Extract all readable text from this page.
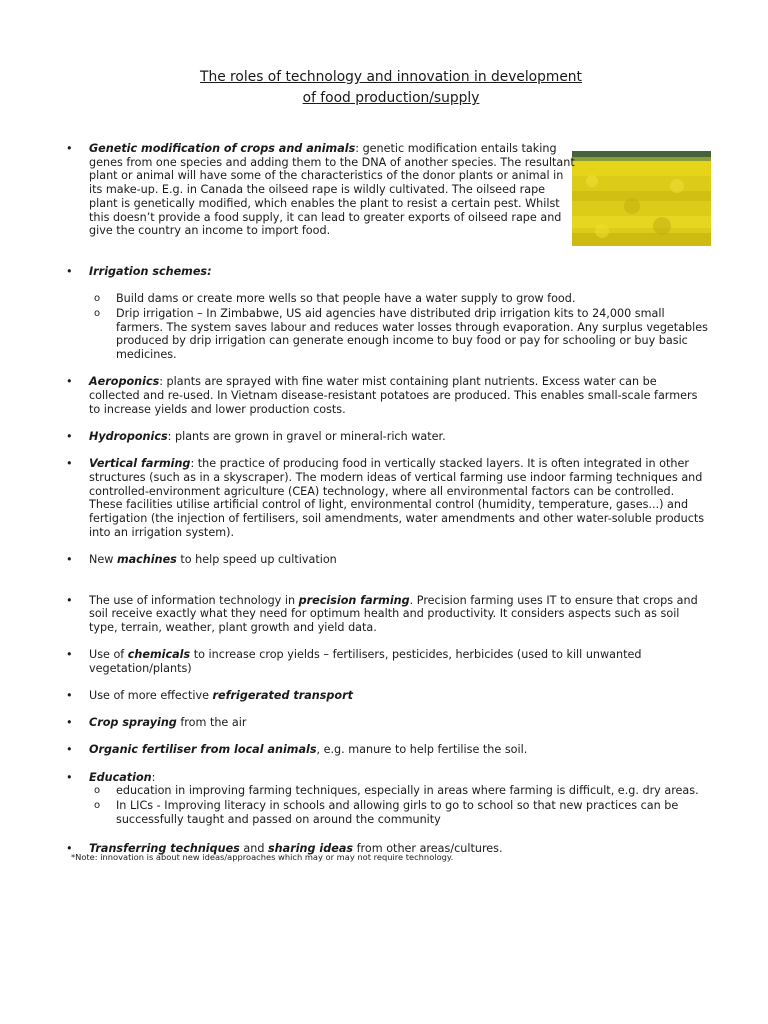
The roles of technology and innovation in development
of food production/supply
• Genetic modification of crops and animals: genetic modification entails taking genes from one species and adding them to the DNA of another species. The resultant plant or animal will have some of the characteristics of the donor plants or animal in its make-up. E.g. in Canada the oilseed rape is wildly cultivated. The oilseed rape plant is genetically modified, which enables the plant to resist a certain pest. Whilst this doesn’t provide a food supply, it can lead to greater exports of oilseed rape and give the country an income to import food.
• Irrigation schemes:
o Build dams or create more wells so that people have a water supply to grow food.
o Drip irrigation – In Zimbabwe, US aid agencies have distributed drip irrigation kits to 24,000 small farmers. The system saves labour and reduces water losses through evaporation. Any surplus vegetables produced by drip irrigation can generate enough income to buy food or pay for schooling or buy basic medicines.
• Aeroponics: plants are sprayed with fine water mist containing plant nutrients. Excess water can be collected and re-used. In Vietnam disease-resistant potatoes are produced. This enables small-scale farmers to increase yields and lower production costs.
• Hydroponics: plants are grown in gravel or mineral-rich water.
• Vertical farming: the practice of producing food in vertically stacked layers. It is often integrated in other structures (such as in a skyscraper). The modern ideas of vertical farming use indoor farming techniques and controlled-environment agriculture (CEA) technology, where all environmental factors can be controlled. These facilities utilise artificial control of light, environmental control (humidity, temperature, gases...) and fertigation (the injection of fertilisers, soil amendments, water amendments and other water-soluble products into an irrigation system).
• New machines to help speed up cultivation
• The use of information technology in precision farming. Precision farming uses IT to ensure that crops and soil receive exactly what they need for optimum health and productivity. It considers aspects such as soil type, terrain, weather, plant growth and yield data.
• Use of chemicals to increase crop yields – fertilisers, pesticides, herbicides (used to kill unwanted vegetation/plants)
• Use of more effective refrigerated transport
• Crop spraying from the air
• Organic fertiliser from local animals, e.g. manure to help fertilise the soil.
• Education:
o education in improving farming techniques, especially in areas where farming is difficult, e.g. dry areas.
o In LICs - Improving literacy in schools and allowing girls to go to school so that new practices can be successfully taught and passed on around the community
• Transferring techniques and sharing ideas from other areas/cultures.
*Note: innovation is about new ideas/approaches which may or may not require technology.
